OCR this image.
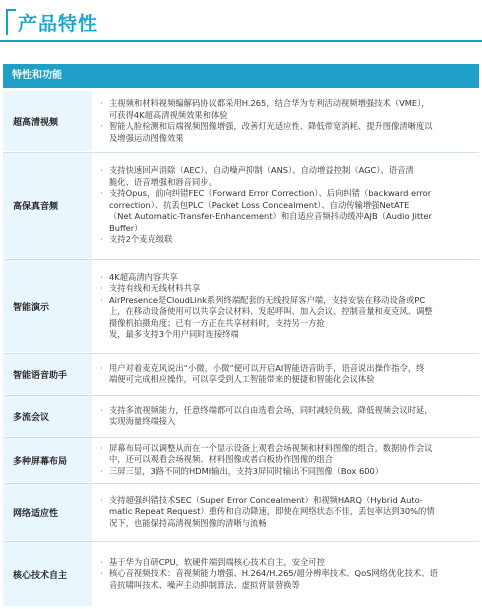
产品特性
特性和功能
超高清视频
· 主视频和材料视频编解码协议都采用H.265，结合华为专利活动视频增强技术（VME），
可获得4K超高清视频效果和体验
· 智能人脸检测和后端视频图像增强，改善灯光适应性、降低带宽消耗、提升图像清晰度以
及增强运动图像效果
高保真音频
· 支持快速回声消除（AEC）、自动噪声抑制（ANS）、自动增益控制（AGC）、语音清
脆化、语音增强和唇音同步。
· 支持Opus，前向纠错FEC（Forward Error Correction）、后向纠错（backward error
correction）、抗丢包PLC（Packet Loss Concealment）、自动传输增强NetATE
（Net Automatic-Transfer-Enhancement）和自适应音频抖动缓冲AJB（Audio Jitter
Buffer）
· 支持2个麦克级联
智能演示
· 4K超高清内容共享
· 支持有线和无线材料共享
· AirPresence是CloudLink系列终端配套的无线投屏客户端，支持安装在移动设备或PC
上，在移动设备使用可以共享会议材料、发起呼叫、加入会议、控制音量和麦克风、调整
摄像机拍摄角度；已有一方正在共享材料时，支持另一方抢
发，最多支持3个用户同时连接终端
智能语音助手
· 用户对着麦克风说出“小微，小微”便可以开启AI智能语音助手，语音说出操作指令，终
端便可完成相应操作，可以享受到人工智能带来的便捷和智能化会议体验
多流会议
· 支持多流视频能力，任意终端都可以自由选看会场，同时减轻负载，降低视频会议时延，
实现海量终端接入
多种屏幕布局
· 屏幕布局可以调整从而在一个显示设备上观看会场视频和材料图像的组合。数据协作会议
中，还可以观看会场视频、材料图像或者白板协作图像的组合
· 三屏三显，3路不同的HDMI输出，支持3屏同时输出不同图像（Box 600）
网络适应性
· 支持超强纠错技术SEC（Super Error Concealment）和视频HARQ（Hybrid Auto-
matic Repeat Request）重传和自动降速，即使在网络状态不佳，丢包率达到30%的情
况下，也能保持高清视频图像的清晰与流畅
核心技术自主
· 基于华为自研CPU，软硬件端到端核心技术自主，安全可控
· 核心音视频技术：音视频能力增强、H.264/H.265/超分辨率技术、QoS网络优化技术、语
音抗啸叫技术、噪声主动抑制算法、虚拟背景替换等
